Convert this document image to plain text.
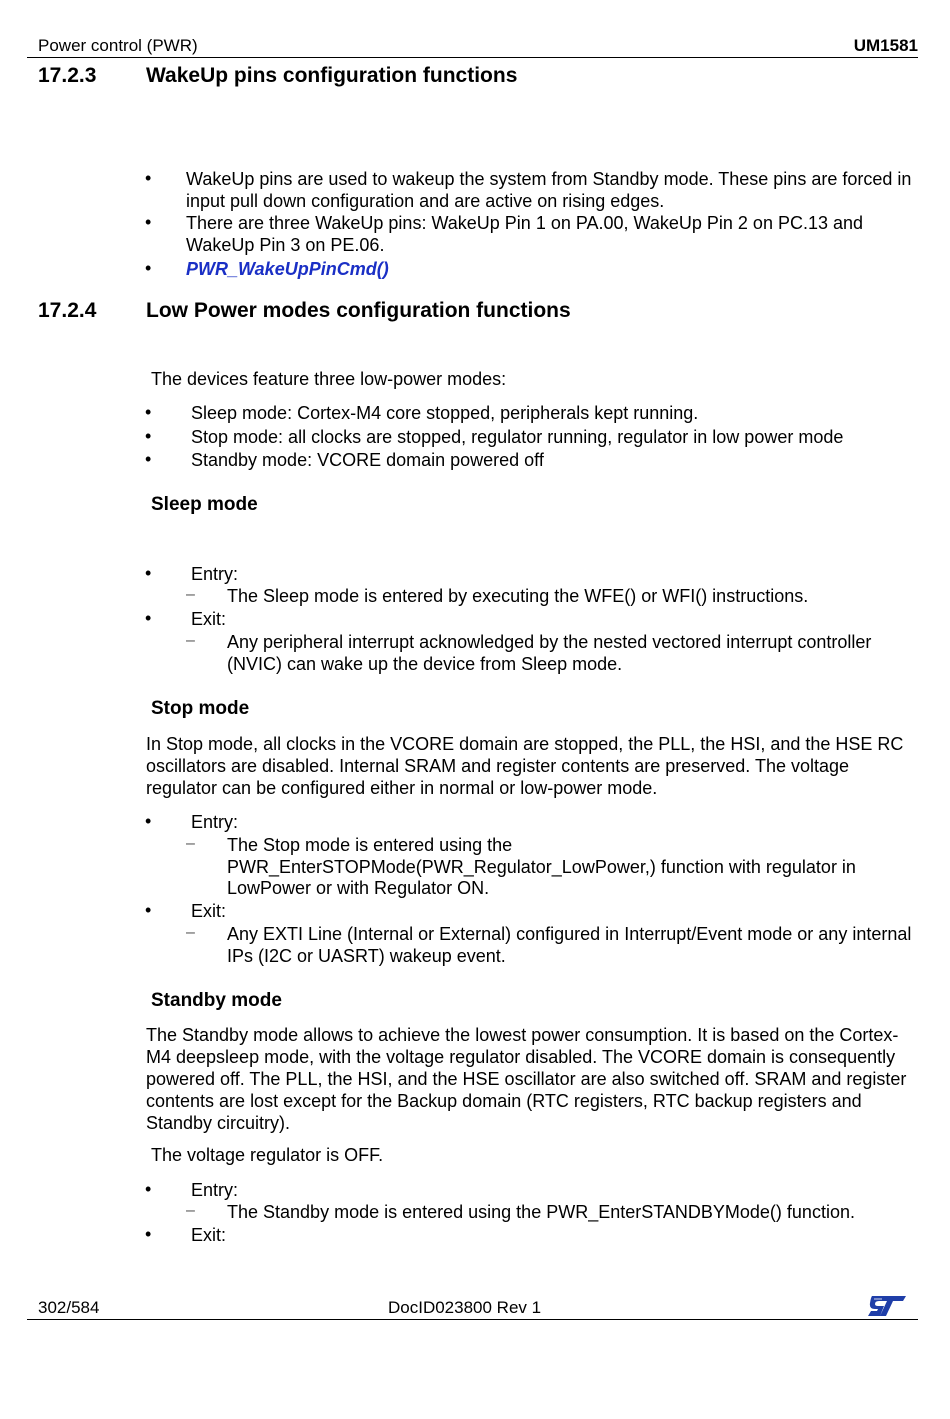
Power control (PWR)	UM1581
17.2.3 WakeUp pins configuration functions
• WakeUp pins are used to wakeup the system from Standby mode. These pins are forced in input pull down configuration and are active on rising edges.
• There are three WakeUp pins: WakeUp Pin 1 on PA.00, WakeUp Pin 2 on PC.13 and WakeUp Pin 3 on PE.06.
• PWR_WakeUpPinCmd()
17.2.4 Low Power modes configuration functions
The devices feature three low-power modes:
• Sleep mode: Cortex-M4 core stopped, peripherals kept running.
• Stop mode: all clocks are stopped, regulator running, regulator in low power mode
• Standby mode: VCORE domain powered off
Sleep mode
• Entry:
– The Sleep mode is entered by executing the WFE() or WFI() instructions.
• Exit:
– Any peripheral interrupt acknowledged by the nested vectored interrupt controller (NVIC) can wake up the device from Sleep mode.
Stop mode
In Stop mode, all clocks in the VCORE domain are stopped, the PLL, the HSI, and the HSE RC oscillators are disabled. Internal SRAM and register contents are preserved. The voltage regulator can be configured either in normal or low-power mode.
• Entry:
– The Stop mode is entered using the
PWR_EnterSTOPMode(PWR_Regulator_LowPower,) function with regulator in
LowPower or with Regulator ON.
• Exit:
– Any EXTI Line (Internal or External) configured in Interrupt/Event mode or any internal IPs (I2C or UASRT) wakeup event.
Standby mode
The Standby mode allows to achieve the lowest power consumption. It is based on the Cortex-M4 deepsleep mode, with the voltage regulator disabled. The VCORE domain is consequently powered off. The PLL, the HSI, and the HSE oscillator are also switched off. SRAM and register contents are lost except for the Backup domain (RTC registers, RTC backup registers and Standby circuitry).
The voltage regulator is OFF.
• Entry:
– The Standby mode is entered using the PWR_EnterSTANDBYMode() function.
• Exit:
302/584	DocID023800 Rev 1
